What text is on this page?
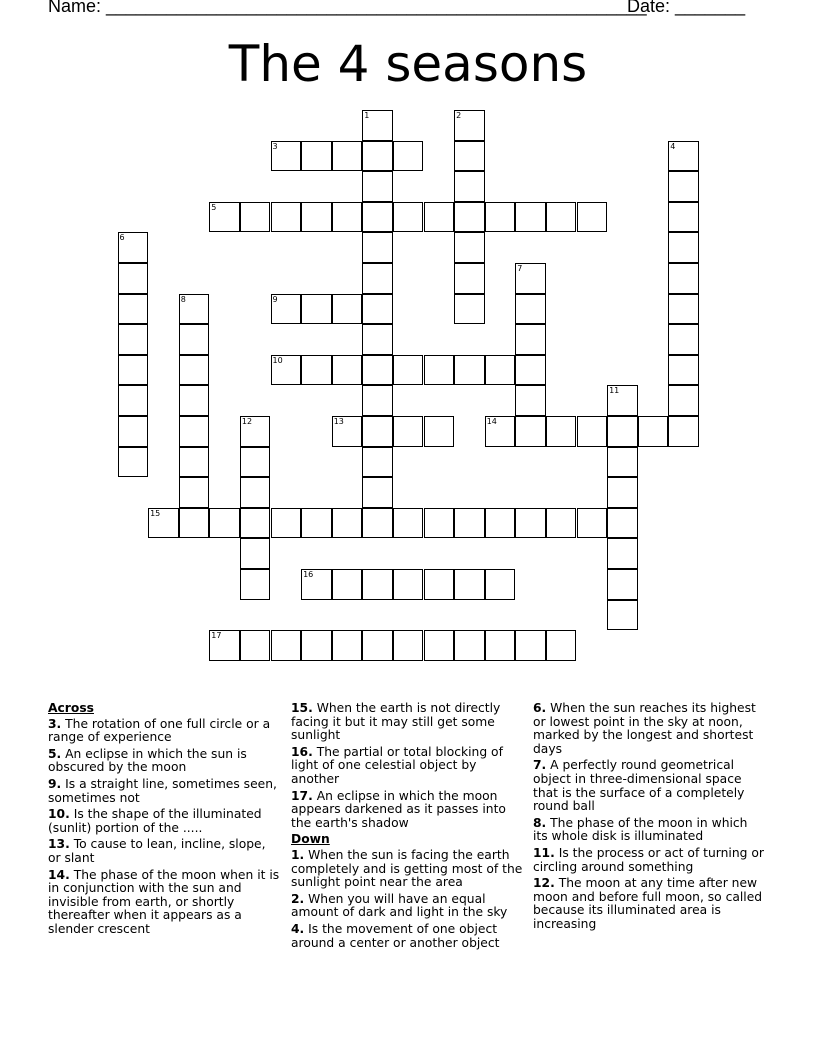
Name: ______________________________________________________
Date: _______
The 4 seasons
1	2
3	4
5
6
7
8	9
10
11
12	13	14
15
16
17
Across
3. The rotation of one full circle or a range of experience
5. An eclipse in which the sun is obscured by the moon
9. Is a straight line, sometimes seen, sometimes not
10. Is the shape of the illuminated (sunlit) portion of the .....
13. To cause to lean, incline, slope, or slant
14. The phase of the moon when it is in conjunction with the sun and invisible from earth, or shortly thereafter when it appears as a slender crescent
15. When the earth is not directly facing it but it may still get some sunlight
16. The partial or total blocking of light of one celestial object by another
17. An eclipse in which the moon appears darkened as it passes into the earth's shadow
Down
1. When the sun is facing the earth completely and is getting most of the sunlight point near the area
2. When you will have an equal amount of dark and light in the sky
4. Is the movement of one object around a center or another object
6. When the sun reaches its highest or lowest point in the sky at noon, marked by the longest and shortest days
7. A perfectly round geometrical object in three-dimensional space that is the surface of a completely round ball
8. The phase of the moon in which its whole disk is illuminated
11. Is the process or act of turning or circling around something
12. The moon at any time after new moon and before full moon, so called because its illuminated area is increasing
